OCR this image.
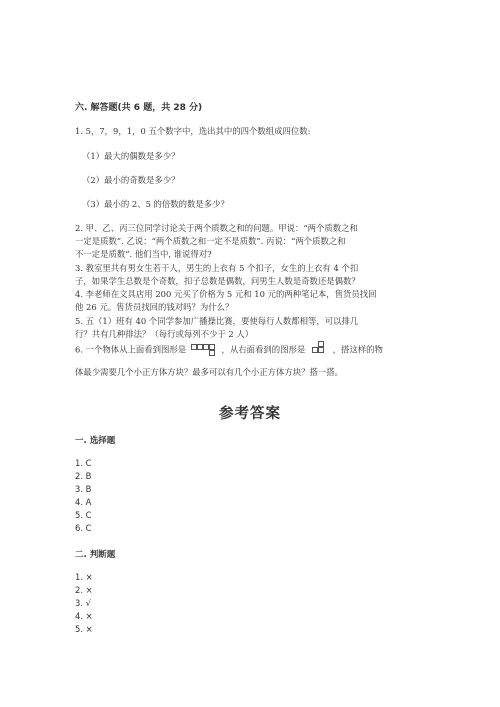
六. 解答题(共 6 题，共 28 分)
1. 5，7，9，1，0 五个数字中，选出其中的四个数组成四位数:
（1）最大的偶数是多少？
（2）最小的奇数是多少？
（3）最小的 2、5 的倍数的数是多少？
2. 甲、乙、丙三位同学讨论关于两个质数之和的问题。甲说：“两个质数之和
一定是质数”. 乙说：“两个质数之和一定不是质数”. 丙说：“两个质数之和
不一定是质数”. 他们当中, 谁说得对?
3. 教室里共有男女生若干人，男生的上衣有 5 个扣子，女生的上衣有 4 个扣
子，如果学生总数是个奇数，扣子总数是偶数，问男生人数是奇数还是偶数？
4. 李老师在文具店用 200 元买了价格为 5 元和 10 元的两种笔记本，售货员找回
他 26 元。售货员找回的钱对吗？为什么？
5. 五（1）班有 40 个同学参加广播操比赛，要使每行人数都相等，可以排几
行？共有几种排法？（每行或每列不少于 2 人）
6. 一个物体从上面看到图形是	，从右面看到的图形是	，搭这样的物
体最少需要几个小正方体方块？最多可以有几个小正方体方块？搭一搭。
参考答案
一. 选择题
1. C
2. B
3. B
4. A
5. C
6. C
二. 判断题
1. ×
2. ×
3. √
4. ×
5. ×
